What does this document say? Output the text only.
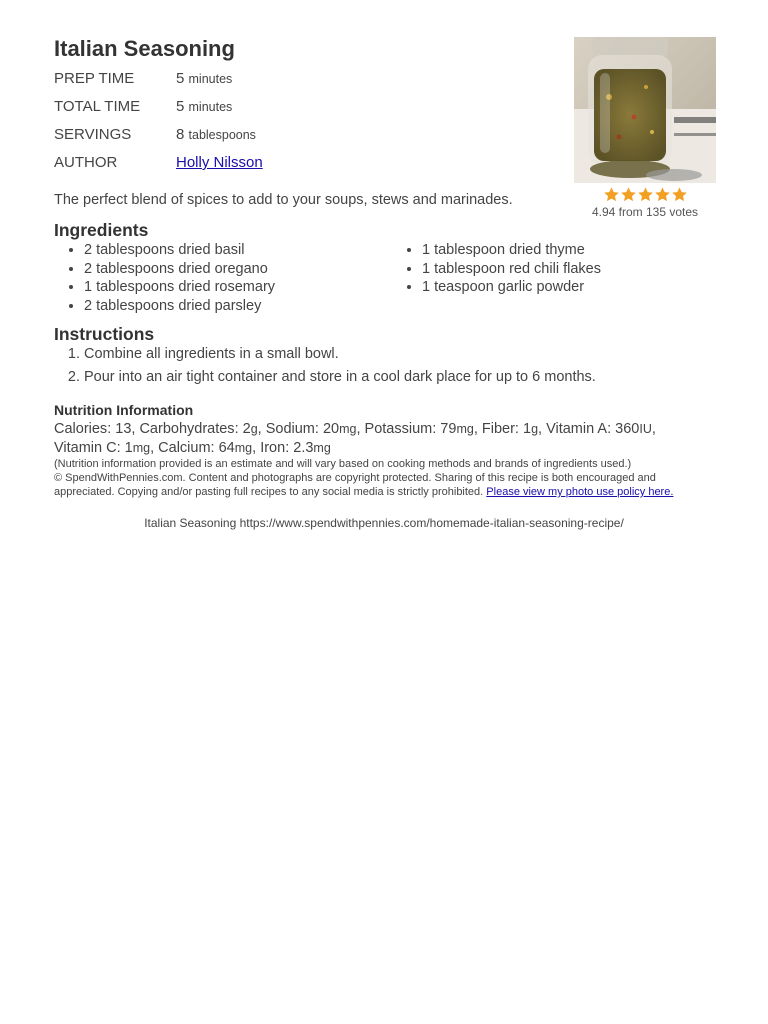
Italian Seasoning
PREP TIME	5 minutes
TOTAL TIME 5 minutes
SERVINGS	8 tablespoons
AUTHOR	Holly Nilsson
4.94 from 135 votes
The perfect blend of spices to add to your soups, stews and marinades.
Ingredients
• 2 tablespoons dried basil
• 2 tablespoons dried oregano
• 1 tablespoons dried rosemary
• 2 tablespoons dried parsley
• 1 tablespoon dried thyme
• 1 tablespoon red chili flakes
• 1 teaspoon garlic powder
Instructions
1. Combine all ingredients in a small bowl.
2. Pour into an air tight container and store in a cool dark place for up to 6 months.
Nutrition Information
Calories: 13, Carbohydrates: 2g, Sodium: 20mg, Potassium: 79mg, Fiber: 1g, Vitamin A: 360IU, Vitamin C: 1mg, Calcium: 64mg, Iron: 2.3mg
(Nutrition information provided is an estimate and will vary based on cooking methods and brands of ingredients used.)
© SpendWithPennies.com. Content and photographs are copyright protected. Sharing of this recipe is both encouraged and appreciated. Copying and/or pasting full recipes to any social media is strictly prohibited. Please view my photo use policy here.
Italian Seasoning https://www.spendwithpennies.com/homemade-italian-seasoning-recipe/
